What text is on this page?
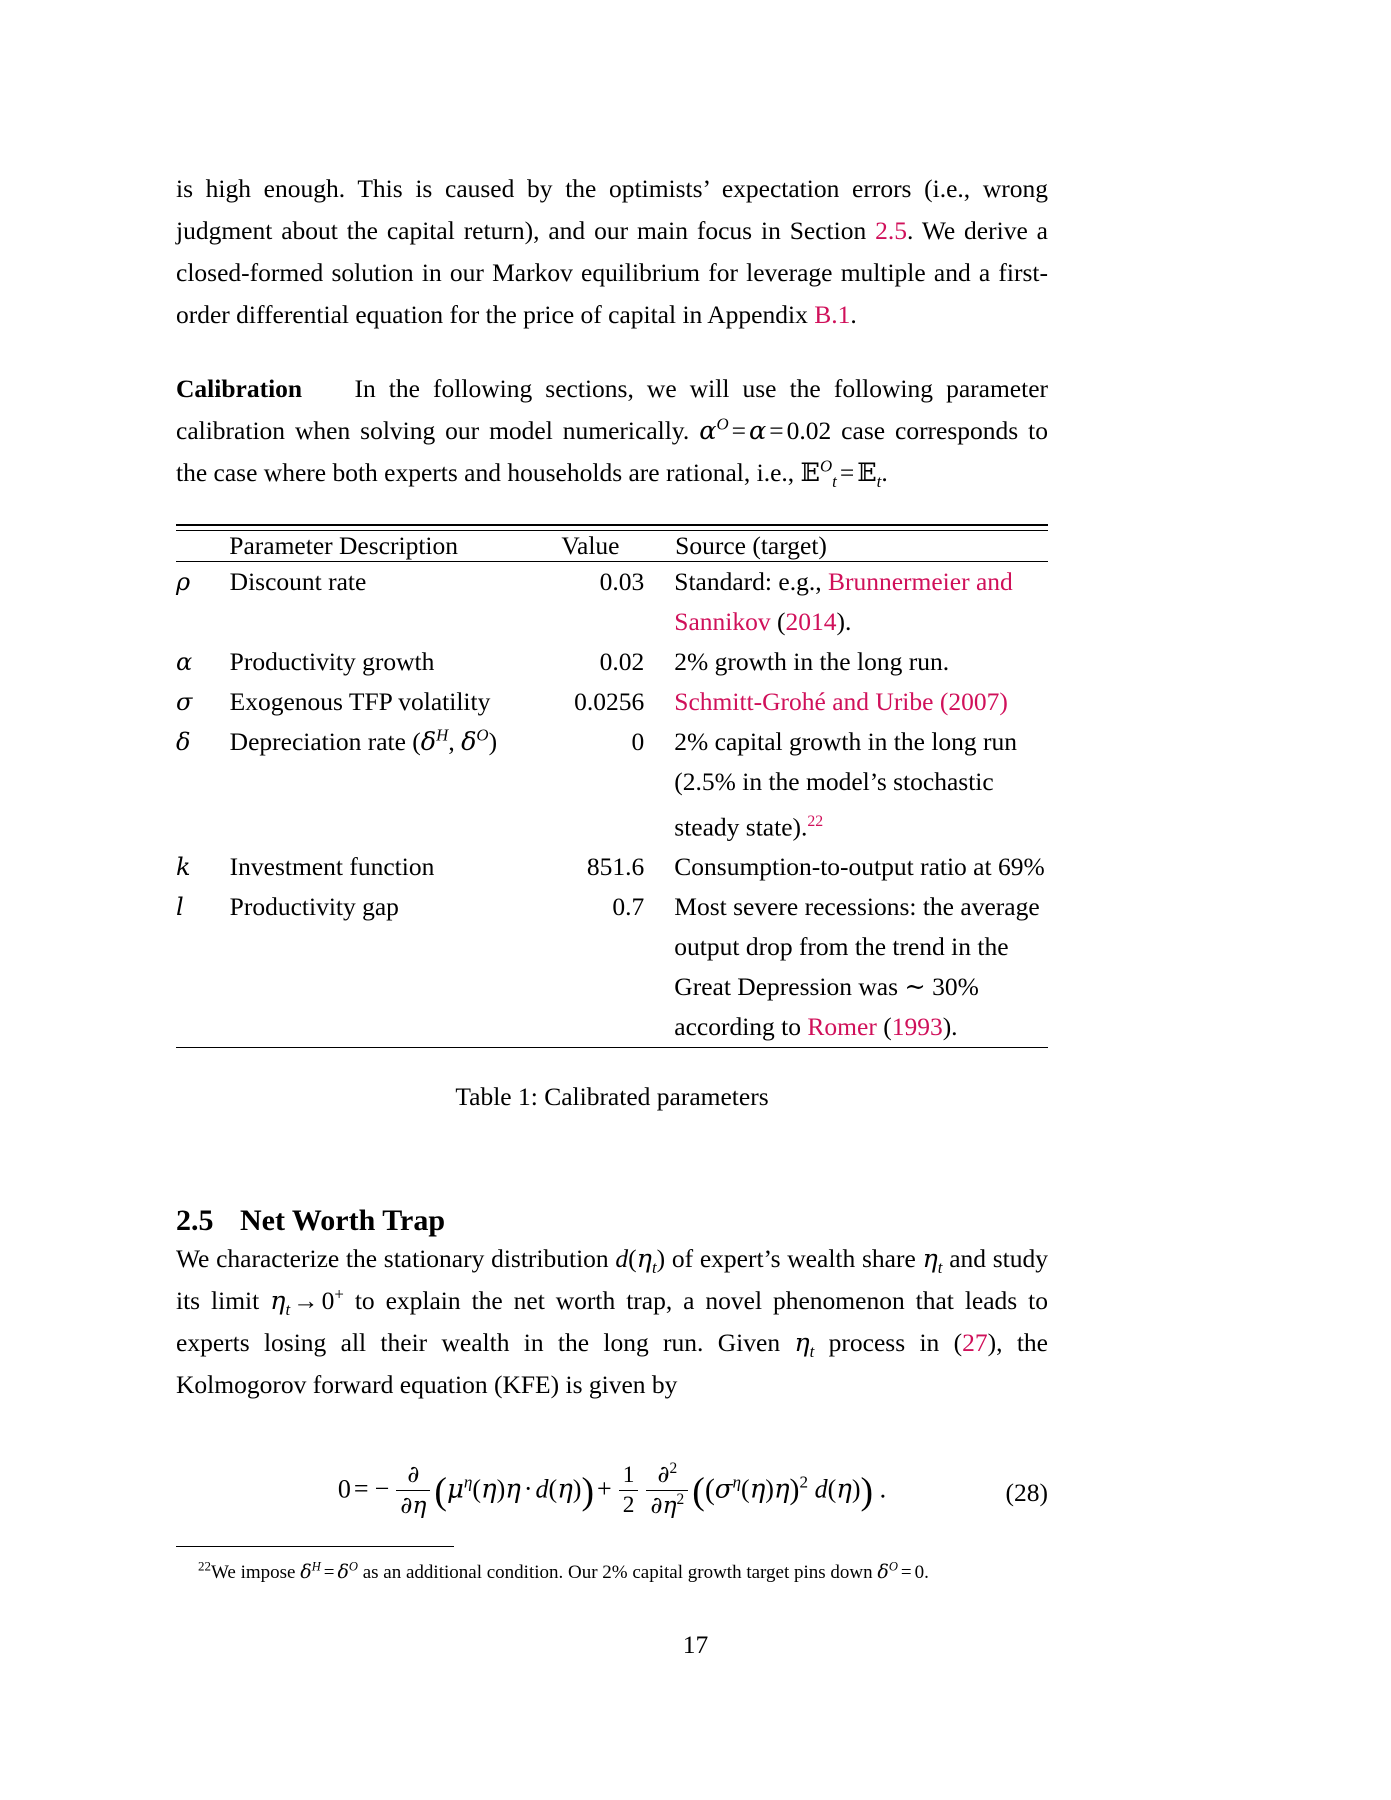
is high enough. This is caused by the optimists’ expectation errors (i.e., wrong judgment about the capital return), and our main focus in Section 2.5. We derive a closed-formed solution in our Markov equilibrium for leverage multiple and a first-order differential equation for the price of capital in Appendix B.1.

Calibration In the following sections, we will use the following parameter calibration when solving our model numerically. $\alpha^O = \alpha = 0.02$ case corresponds to the case where both experts and households are rational, i.e., 𝔼$^O_t$ = 𝔼$_t$.

	Parameter Description	Value	Source (target)
ρ	Discount rate	0.03	Standard: e.g., Brunnermeier and Sannikov (2014).
α	Productivity growth	0.02	2% growth in the long run.
σ	Exogenous TFP volatility	0.0256	Schmitt-Grohé and Uribe (2007)
δ	Depreciation rate ($\delta^H$, $\delta^O$)	0	2% capital growth in the long run (2.5% in the model’s stochastic steady state).$^{22}$
k	Investment function	851.6	Consumption-to-output ratio at 69%
l	Productivity gap	0.7	Most severe recessions: the average output drop from the trend in the Great Depression was ∼ 30% according to Romer (1993).
Table 1: Calibrated parameters
2.5 Net Worth Trap

We characterize the stationary distribution $d(\eta_t)$ of expert’s wealth share $\eta_t$ and study its limit $\eta_t \to 0^+$ to explain the net worth trap, a novel phenomenon that leads to experts losing all their wealth in the long run. Given $\eta_t$ process in (27), the Kolmogorov forward equation (KFE) is given by

0 = − $\frac{\partial}{\partial\eta} (\mu^\eta(\eta)\eta \cdot d(\eta)) + \frac{1}{2} \frac{\partial^2}{\partial\eta^2} ((\sigma^\eta(\eta)\eta)^2$ d(η)) .	(28)
$^{22}$We impose $\delta^H = \delta^O$ as an additional condition. Our 2% capital growth target pins down $\delta^O = 0$.
17
